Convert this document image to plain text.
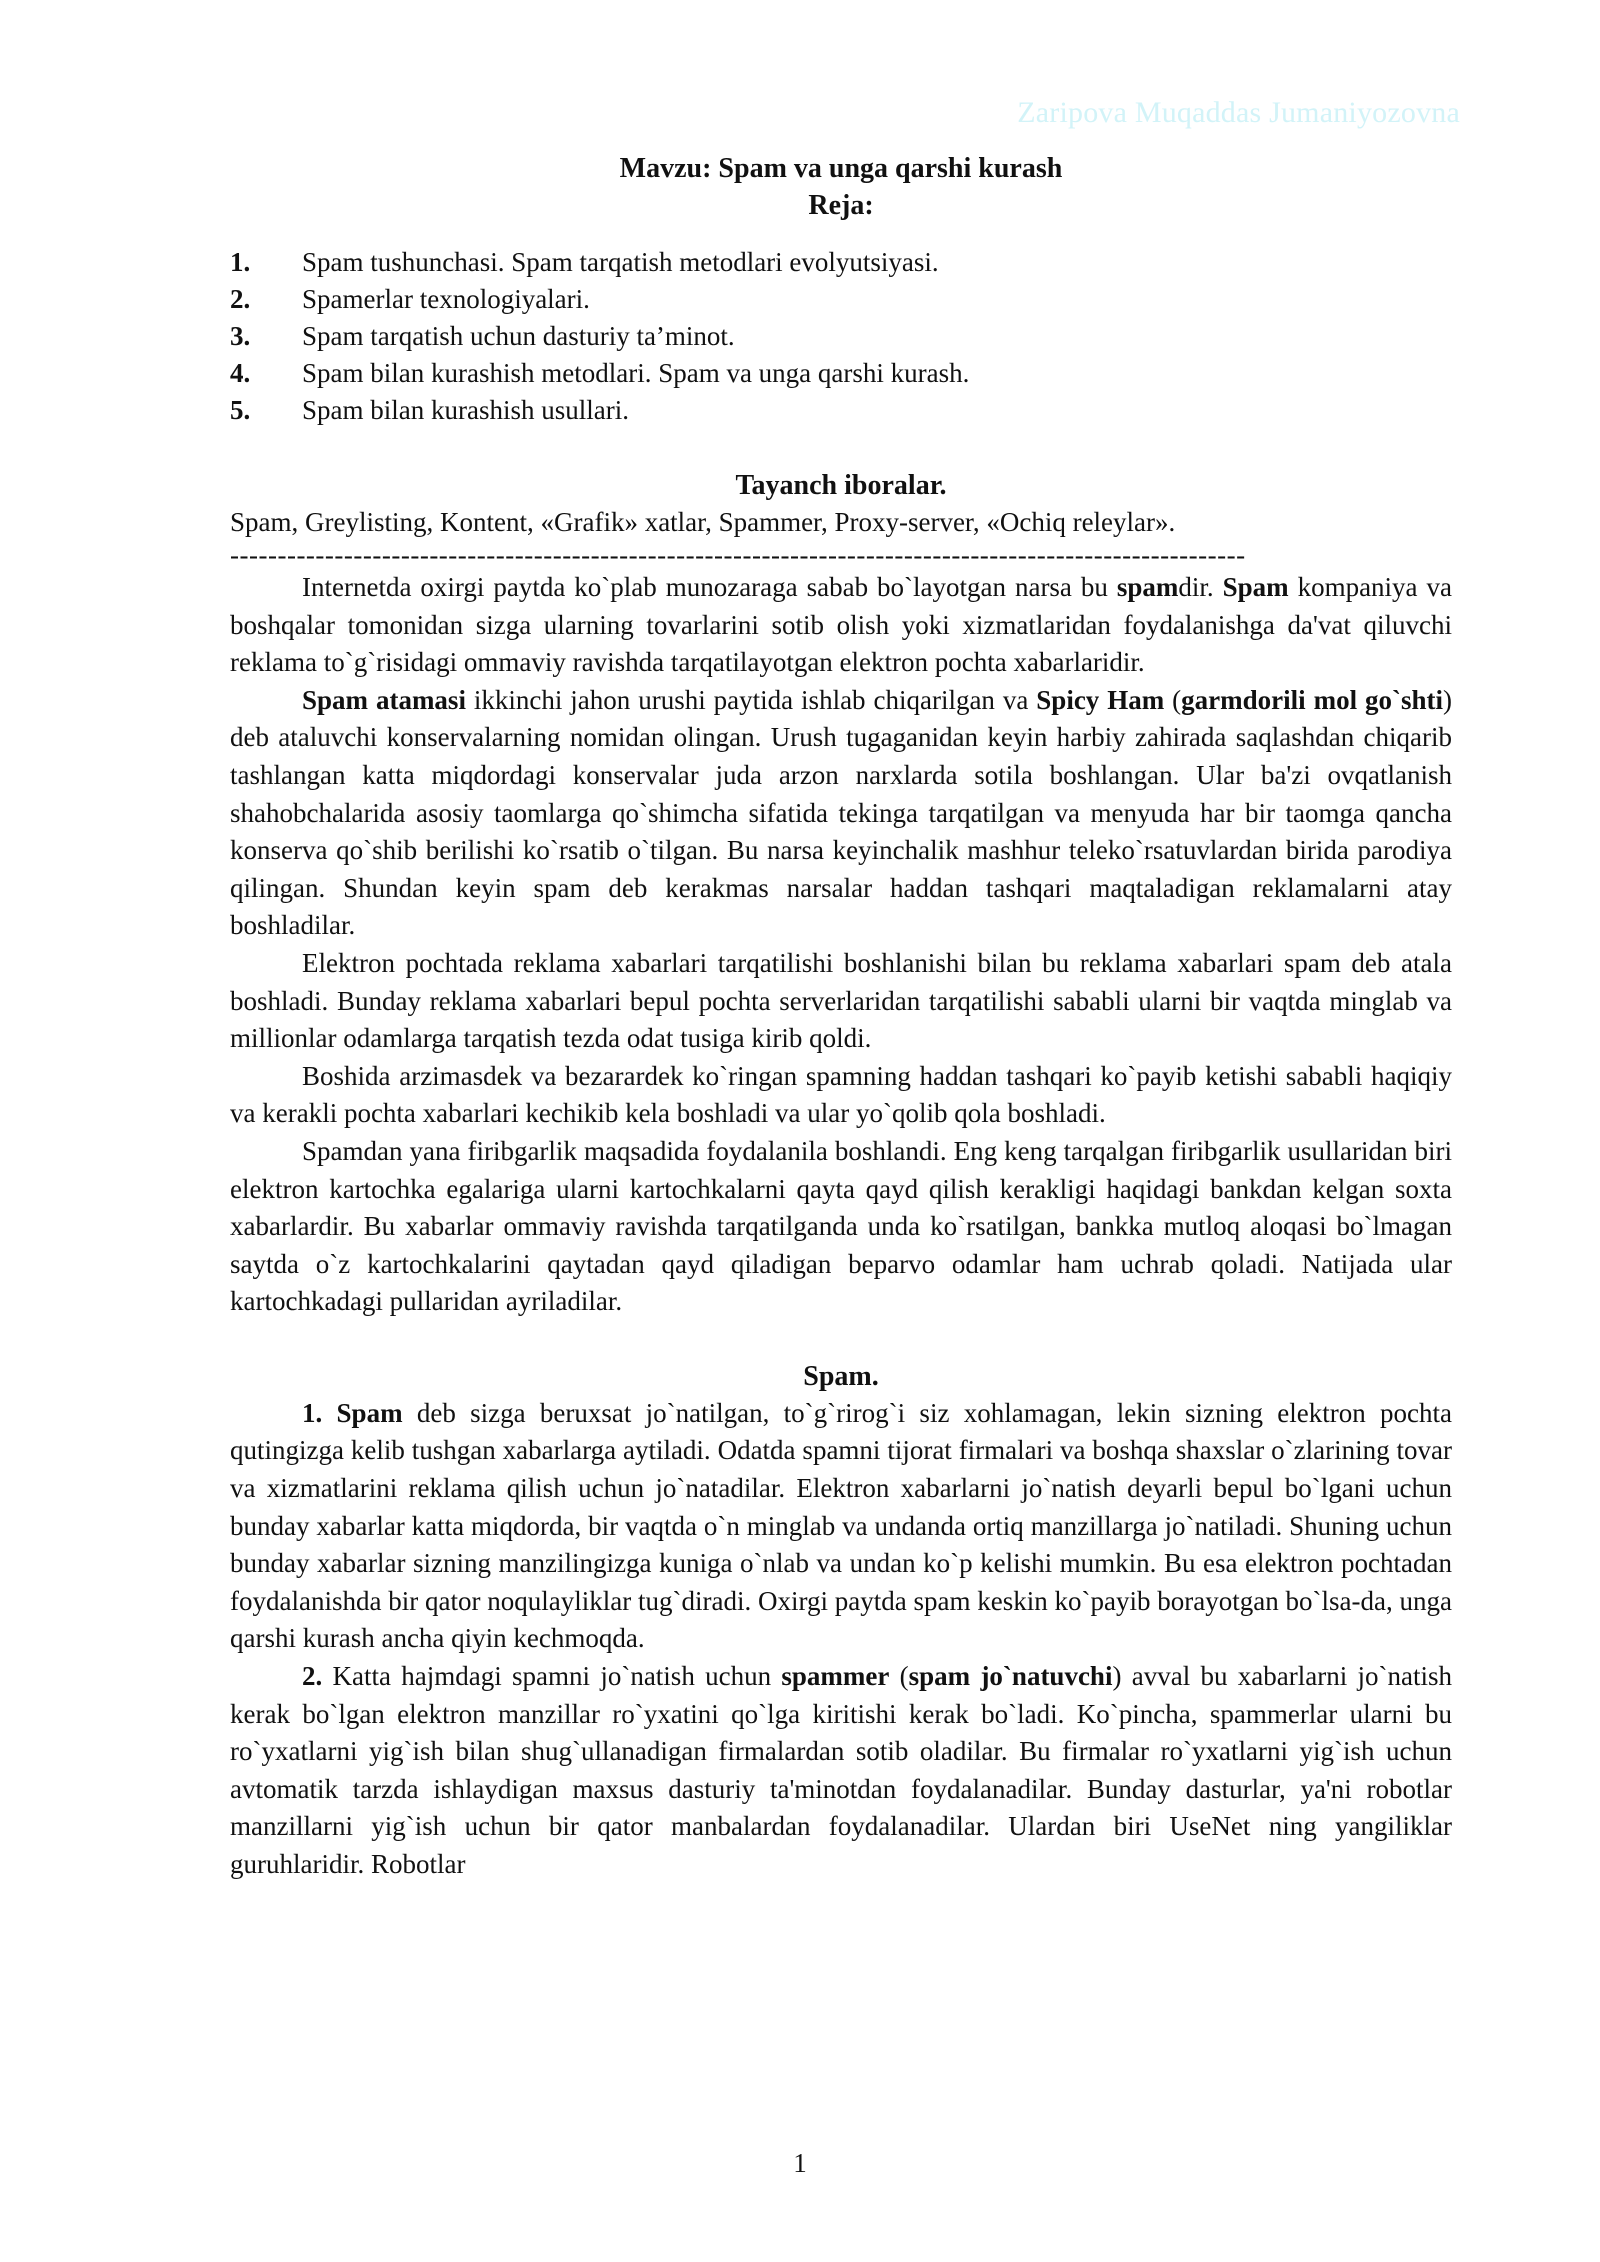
Zaripova Muqaddas Jumaniyozovna
Mavzu: Spam va unga qarshi kurash
Reja:
1.	Spam tushunchasi. Spam tarqatish metodlari evolyutsiyasi.
2.	Spamerlar texnologiyalari.
3.	Spam tarqatish uchun dasturiy ta’minot.
4.	Spam bilan kurashish metodlari. Spam va unga qarshi kurash.
5.	Spam bilan kurashish usullari.
Tayanch iboralar.
Spam, Greylisting, Kontent, «Grafik» xatlar, Spammer, Proxy-server, «Ochiq releylar».
-----------------------------------------------------------------------------------------------------------

Internetda oxirgi paytda ko`plab munozaraga sabab bo`layotgan narsa bu spamdir. Spam kompaniya va boshqalar tomonidan sizga ularning tovarlarini sotib olish yoki xizmatlaridan foydalanishga da'vat qiluvchi reklama to`g`risidagi ommaviy ravishda tarqatilayotgan elektron pochta xabarlaridir.

Spam atamasi ikkinchi jahon urushi paytida ishlab chiqarilgan va Spicy Ham (garmdorili mol go`shti) deb ataluvchi konservalarning nomidan olingan. Urush tugaganidan keyin harbiy zahirada saqlashdan chiqarib tashlangan katta miqdordagi konservalar juda arzon narxlarda sotila boshlangan. Ular ba'zi ovqatlanish shahobchalarida asosiy taomlarga qo`shimcha sifatida tekinga tarqatilgan va menyuda har bir taomga qancha konserva qo`shib berilishi ko`rsatib o`tilgan. Bu narsa keyinchalik mashhur teleko`rsatuvlardan birida parodiya qilingan. Shundan keyin spam deb kerakmas narsalar haddan tashqari maqtaladigan reklamalarni atay boshladilar.

Elektron pochtada reklama xabarlari tarqatilishi boshlanishi bilan bu reklama xabarlari spam deb atala boshladi. Bunday reklama xabarlari bepul pochta serverlaridan tarqatilishi sababli ularni bir vaqtda minglab va millionlar odamlarga tarqatish tezda odat tusiga kirib qoldi.

Boshida arzimasdek va bezarardek ko`ringan spamning haddan tashqari ko`payib ketishi sababli haqiqiy va kerakli pochta xabarlari kechikib kela boshladi va ular yo`qolib qola boshladi.

Spamdan yana firibgarlik maqsadida foydalanila boshlandi. Eng keng tarqalgan firibgarlik usullaridan biri elektron kartochka egalariga ularni kartochkalarni qayta qayd qilish kerakligi haqidagi bankdan kelgan soxta xabarlardir. Bu xabarlar ommaviy ravishda tarqatilganda unda ko`rsatilgan, bankka mutloq aloqasi bo`lmagan saytda o`z kartochkalarini qaytadan qayd qiladigan beparvo odamlar ham uchrab qoladi. Natijada ular kartochkadagi pullaridan ayriladilar.

Spam.

1. Spam deb sizga beruxsat jo`natilgan, to`g`rirog`i siz xohlamagan, lekin sizning elektron pochta qutingizga kelib tushgan xabarlarga aytiladi. Odatda spamni tijorat firmalari va boshqa shaxslar o`zlarining tovar va xizmatlarini reklama qilish uchun jo`natadilar. Elektron xabarlarni jo`natish deyarli bepul bo`lgani uchun bunday xabarlar katta miqdorda, bir vaqtda o`n minglab va undanda ortiq manzillarga jo`natiladi. Shuning uchun bunday xabarlar sizning manzilingizga kuniga o`nlab va undan ko`p kelishi mumkin. Bu esa elektron pochtadan foydalanishda bir qator noqulayliklar tug`diradi. Oxirgi paytda spam keskin ko`payib borayotgan bo`lsa-da, unga qarshi kurash ancha qiyin kechmoqda.

2. Katta hajmdagi spamni jo`natish uchun spammer (spam jo`natuvchi) avval bu xabarlarni jo`natish kerak bo`lgan elektron manzillar ro`yxatini qo`lga kiritishi kerak bo`ladi. Ko`pincha, spammerlar ularni bu ro`yxatlarni yig`ish bilan shug`ullanadigan firmalardan sotib oladilar. Bu firmalar ro`yxatlarni yig`ish uchun avtomatik tarzda ishlaydigan maxsus dasturiy ta'minotdan foydalanadilar. Bunday dasturlar, ya'ni robotlar manzillarni yig`ish uchun bir qator manbalardan foydalanadilar. Ulardan biri UseNet ning yangiliklar guruhlaridir. Robotlar

1
